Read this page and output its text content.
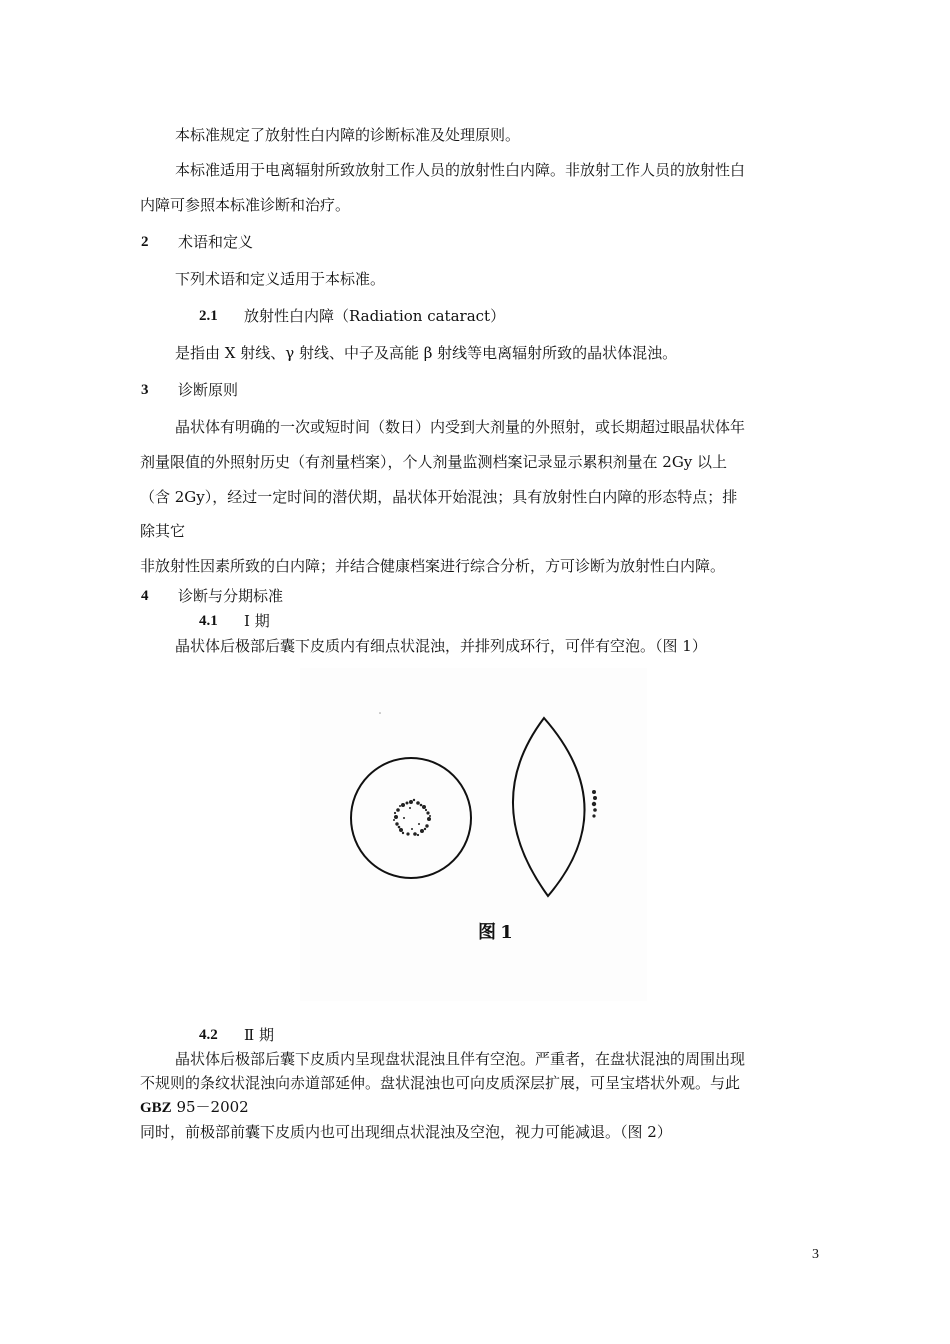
本标准规定了放射性白内障的诊断标准及处理原则。
本标准适用于电离辐射所致放射工作人员的放射性白内障。非放射工作人员的放射性白
内障可参照本标准诊断和治疗。
2 术语和定义
下列术语和定义适用于本标准。
2.1 放射性白内障（Radiation cataract）
是指由 X 射线、γ 射线、中子及高能 β 射线等电离辐射所致的晶状体混浊。
3 诊断原则
晶状体有明确的一次或短时间（数日）内受到大剂量的外照射，或长期超过眼晶状体年
剂量限值的外照射历史（有剂量档案），个人剂量监测档案记录显示累积剂量在 2Gy 以上
（含 2Gy），经过一定时间的潜伏期，晶状体开始混浊；具有放射性白内障的形态特点；排
除其它
非放射性因素所致的白内障；并结合健康档案进行综合分析，方可诊断为放射性白内障。
4 诊断与分期标准
4.1 Ⅰ 期
晶状体后极部后囊下皮质内有细点状混浊，并排列成环行，可伴有空泡。（图 1）
图 1
4.2 Ⅱ 期
晶状体后极部后囊下皮质内呈现盘状混浊且伴有空泡。严重者，在盘状混浊的周围出现
不规则的条纹状混浊向赤道部延伸。盘状混浊也可向皮质深层扩展，可呈宝塔状外观。与此
GBZ 95－2002
同时，前极部前囊下皮质内也可出现细点状混浊及空泡，视力可能减退。（图 2）
3
